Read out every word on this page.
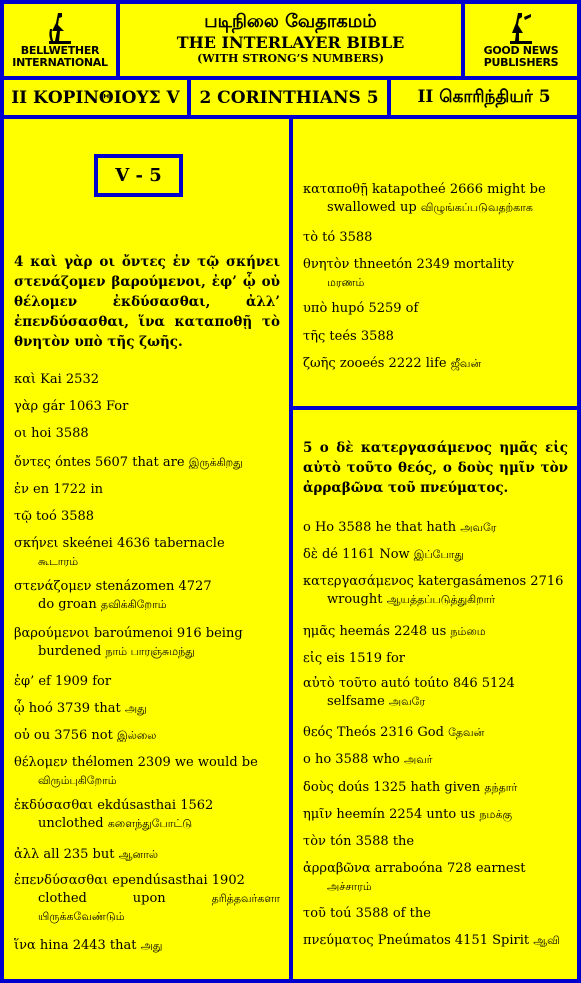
BELLWETHER
INTERNATIONAL
படிநிலை வேதாகமம்
THE INTERLAYER BIBLE
(WITH STRONG’S NUMBERS)
GOOD NEWS
PUBLISHERS
II ΚΟΡΙΝΘΙΟΥΣ V	2 CORINTHIANS 5	II கொரிந்தியர் 5
V - 5
4 καὶ γὰρ οι ὄντες ἐν τῷ σκήνει στενάζομεν βαρούμενοι, ἐφ’ ᾧ οὐ θέλομεν ἐκδύσασθαι, ἀλλ’ ἐπενδύσασθαι, ἵνα καταποθῇ τὸ θνητὸν υπὸ τῆς ζωῆς.
5 ο δὲ κατεργασάμενος ημᾶς εἰς αὐτὸ τοῦτο θεός, ο δοὺς ημῖν τὸν ἀρραβῶνα τοῦ πνεύματος.
καὶ Kai 2532
γὰρ gár 1063 For
οι hoi 3588
ὄντες óntes 5607 that are இருக்கிறது
ἐν en 1722 in
τῷ toó 3588
σκήνει skeénei 4636 tabernacle
கூடாரம்
στενάζομεν stenázomen 4727
do groan தவிக்கிறோம்
βαρούμενοι baroúmenoi 916 being
burdened நாம் பாரஞ்சுமந்து
ἐφ’ ef 1909 for
ᾧ hoó 3739 that அது
οὐ ou 3756 not இல்லை
θέλομεν thélomen 2309 we would be
விரும்புகிறோம்
ἐκδύσασθαι ekdúsasthai 1562
unclothed களைந்துபோட்டு
ἀλλ all 235 but ஆனால்
ἐπενδύσασθαι ependúsasthai 1902
clothed upon	தரித்தவர்களா யிருக்கவேண்டும்
ἵνα hina 2443 that அது
καταποθῇ katapotheé 2666 might be
swallowed up விழுங்கப்படுவதற்காக
τὸ tó 3588
θνητὸν thneetón 2349 mortality
மரணம்
υπὸ hupó 5259 of
τῆς teés 3588
ζωῆς zooeés 2222 life ஜீவன்
ο Ho 3588 he that hath அவரே
δὲ dé 1161 Now இப்போது
κατεργασάμενος katergasámenos 2716
wrought ஆயத்தப்படுத்துகிறார்
ημᾶς heemás 2248 us நம்மை
εἰς eis 1519 for
αὐτὸ τοῦτο autó toúto 846 5124
selfsame அவரே
θεός Theós 2316 God தேவன்
ο ho 3588 who அவர்
δοὺς doús 1325 hath given தந்தார்
ημῖν heemín 2254 unto us நமக்கு
τὸν tón 3588 the
ἀρραβῶνα arraboóna 728 earnest
அச்சாரம்
τοῦ toú 3588 of the
πνεύματος Pneúmatos 4151 Spirit ஆவி
